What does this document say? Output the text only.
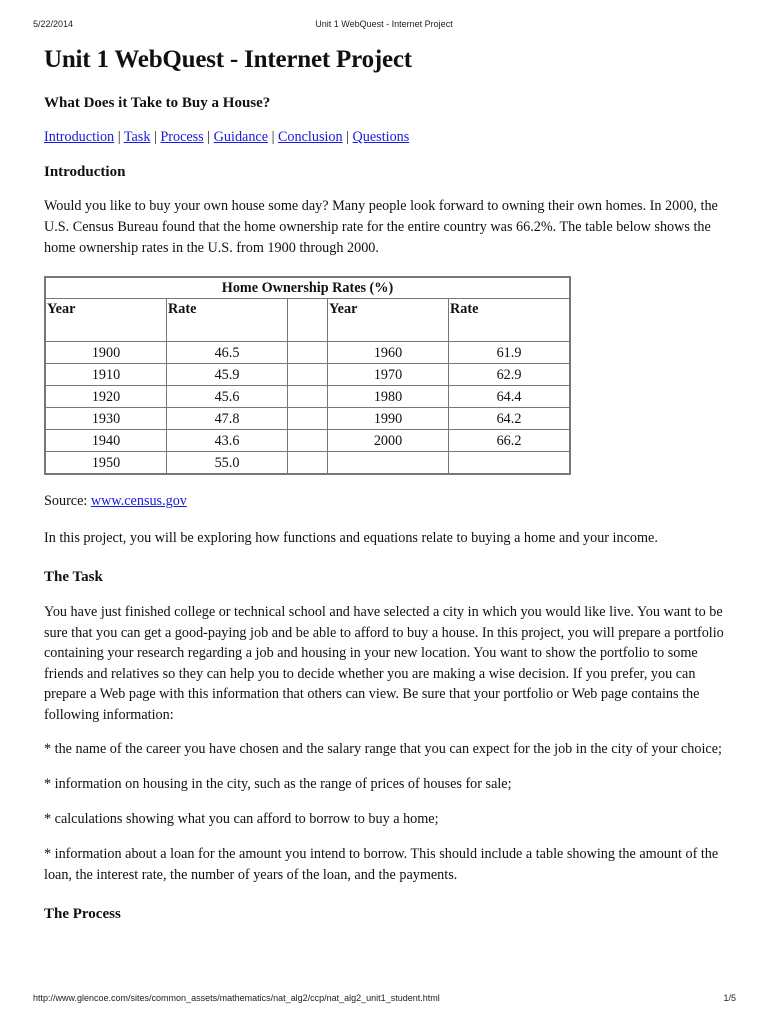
5/22/2014	Unit 1 WebQuest - Internet Project
Unit 1 WebQuest - Internet Project
What Does it Take to Buy a House?
Introduction | Task | Process | Guidance | Conclusion | Questions
Introduction

Would you like to buy your own house some day? Many people look forward to owning their own homes. In 2000, the U.S. Census Bureau found that the home ownership rate for the entire country was 66.2%. The table below shows the home ownership rates in the U.S. from 1900 through 2000.

Home Ownership Rates (%)				
Year	Rate		Year	Rate
1900	46.5		1960	61.9
1910	45.9		1970	62.9
1920	45.6		1980	64.4
1930	47.8		1990	64.2
1940	43.6		2000	66.2
1950	55.0			

Source: www.census.gov

In this project, you will be exploring how functions and equations relate to buying a home and your income.

The Task

You have just finished college or technical school and have selected a city in which you would like live. You want to be sure that you can get a good-paying job and be able to afford to buy a house. In this project, you will prepare a portfolio containing your research regarding a job and housing in your new location. You want to show the portfolio to some friends and relatives so they can help you to decide whether you are making a wise decision. If you prefer, you can prepare a Web page with this information that others can view. Be sure that your portfolio or Web page contains the following information:

* the name of the career you have chosen and the salary range that you can expect for the job in the city of your choice;

* information on housing in the city, such as the range of prices of houses for sale;

* calculations showing what you can afford to borrow to buy a home;

* information about a loan for the amount you intend to borrow. This should include a table showing the amount of the loan, the interest rate, the number of years of the loan, and the payments.

The Process
http://www.glencoe.com/sites/common_assets/mathematics/nat_alg2/ccp/nat_alg2_unit1_student.html	1/5
